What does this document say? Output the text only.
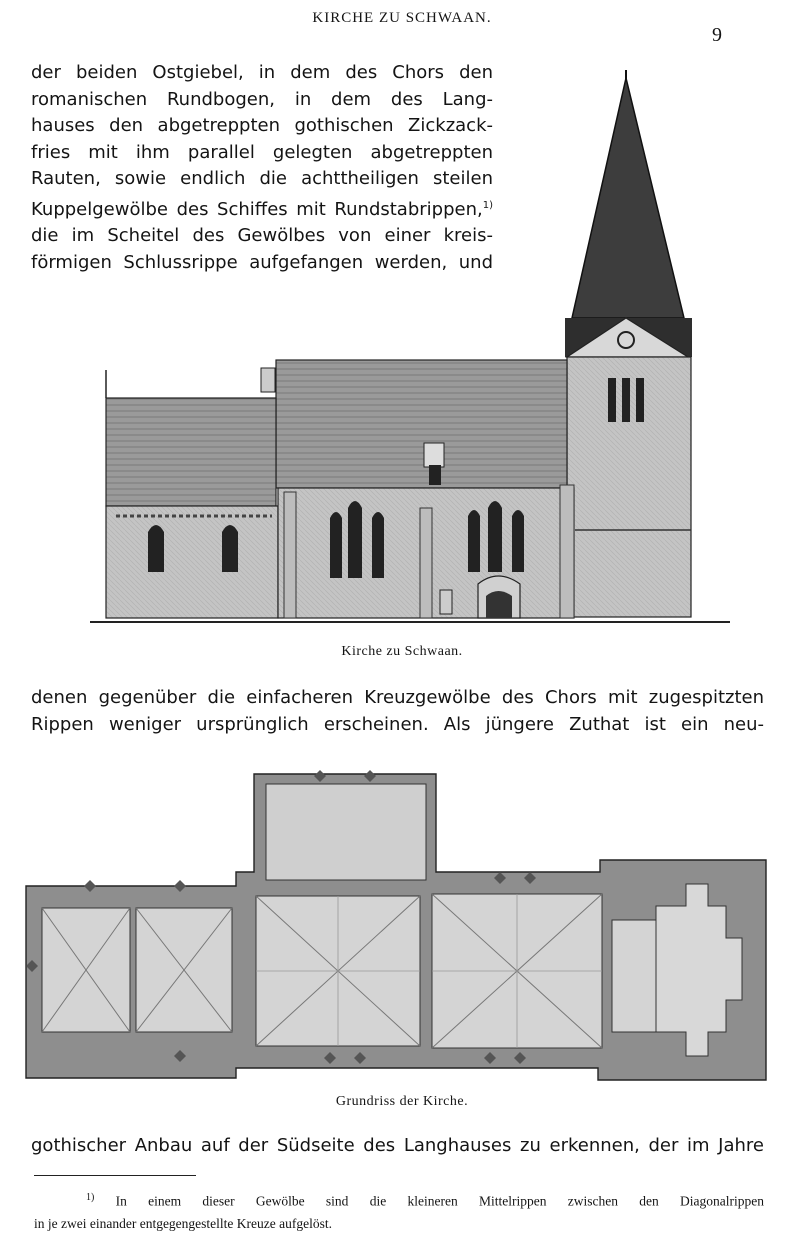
KIRCHE ZU SCHWAAN.
9
der beiden Ostgiebel, in dem des Chors den
romanischen Rundbogen, in dem des Lang-
hauses den abgetreppten gothischen Zickzack-
fries mit ihm parallel gelegten abgetreppten
Rauten, sowie endlich die achttheiligen steilen
Kuppelgewölbe des Schiffes mit Rundstabrippen,$^{1)}$
die im Scheitel des Gewölbes von einer kreis-
förmigen Schlussrippe aufgefangen werden, und
Kirche zu Schwaan.
denen gegenüber die einfacheren Kreuzgewölbe des Chors mit zugespitzten
Rippen weniger ursprünglich erscheinen. Als jüngere Zuthat ist ein neu-
Grundriss der Kirche.
gothischer Anbau auf der Südseite des Langhauses zu erkennen, der im Jahre
$^{1)}$ In einem dieser Gewölbe sind die kleineren Mittelrippen zwischen den Diagonalrippen
in je zwei einander entgegengestellte Kreuze aufgelöst.
